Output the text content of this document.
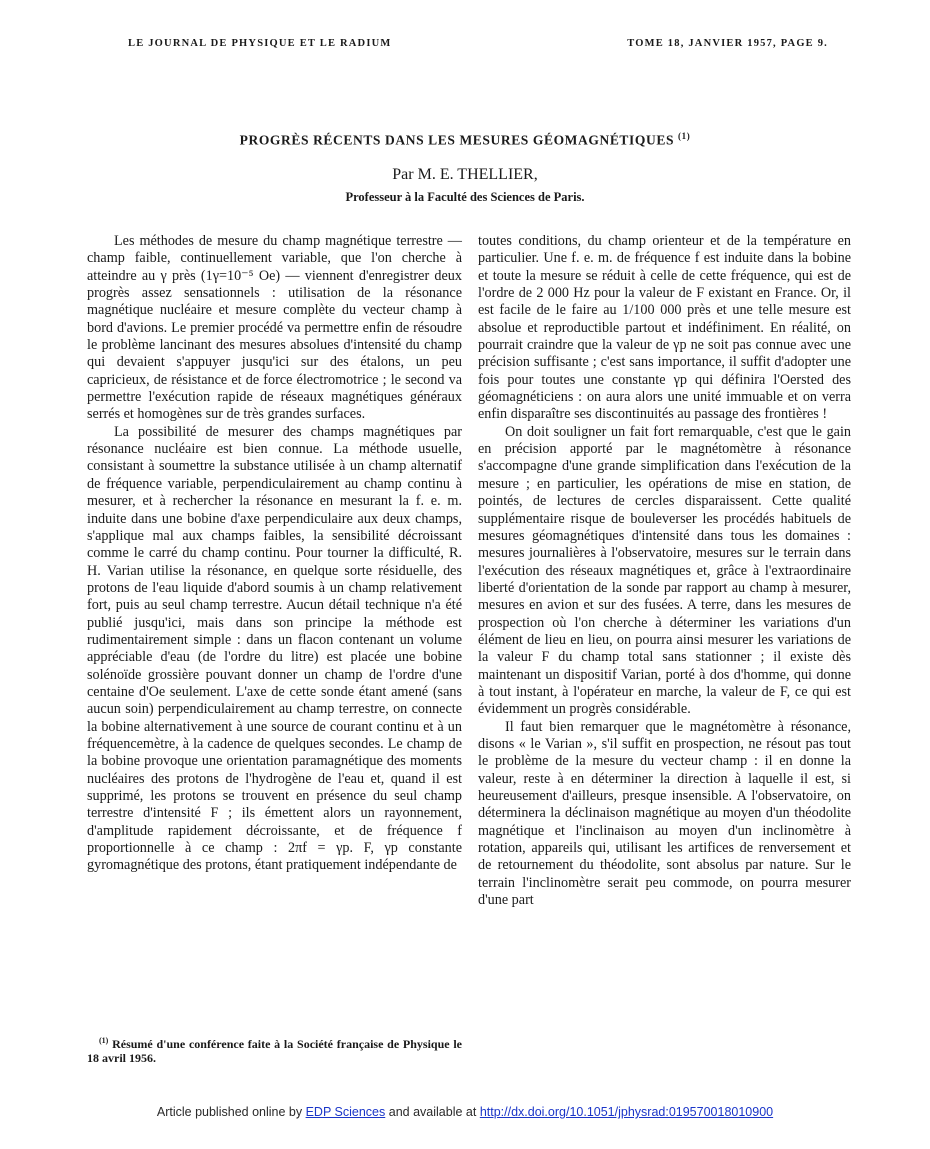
LE JOURNAL DE PHYSIQUE ET LE RADIUM	TOME 18, JANVIER 1957, PAGE 9.
PROGRÈS RÉCENTS DANS LES MESURES GÉOMAGNÉTIQUES $^{(1)}$
Par M. E. THELLIER,
Professeur à la Faculté des Sciences de Paris.

Les méthodes de mesure du champ magnétique terrestre — champ faible, continuellement variable, que l'on cherche à atteindre au γ près (1γ=10⁻⁵ Oe) — viennent d'enregistrer deux progrès assez sensationnels : utilisation de la résonance magnétique nucléaire et mesure complète du vecteur champ à bord d'avions. Le premier procédé va permettre enfin de résoudre le problème lancinant des mesures absolues d'intensité du champ qui devaient s'appuyer jusqu'ici sur des étalons, un peu capricieux, de résistance et de force électromotrice ; le second va permettre l'exécution rapide de réseaux magnétiques généraux serrés et homogènes sur de très grandes surfaces.

La possibilité de mesurer des champs magnétiques par résonance nucléaire est bien connue. La méthode usuelle, consistant à soumettre la substance utilisée à un champ alternatif de fréquence variable, perpendiculairement au champ continu à mesurer, et à rechercher la résonance en mesurant la f. e. m. induite dans une bobine d'axe perpendiculaire aux deux champs, s'applique mal aux champs faibles, la sensibilité décroissant comme le carré du champ continu. Pour tourner la difficulté, R. H. Varian utilise la résonance, en quelque sorte résiduelle, des protons de l'eau liquide d'abord soumis à un champ relativement fort, puis au seul champ terrestre. Aucun détail technique n'a été publié jusqu'ici, mais dans son principe la méthode est rudimentairement simple : dans un flacon contenant un volume appréciable d'eau (de l'ordre du litre) est placée une bobine solénoïde grossière pouvant donner un champ de l'ordre d'une centaine d'Oe seulement. L'axe de cette sonde étant amené (sans aucun soin) perpendiculairement au champ terrestre, on connecte la bobine alternativement à une source de courant continu et à un fréquencemètre, à la cadence de quelques secondes. Le champ de la bobine provoque une orientation paramagnétique des moments nucléaires des protons de l'hydrogène de l'eau et, quand il est supprimé, les protons se trouvent en présence du seul champ terrestre d'intensité F ; ils émettent alors un rayonnement, d'amplitude rapidement décroissante, et de fréquence f proportionnelle à ce champ : 2πf = γp. F, γp constante gyromagnétique des protons, étant pratiquement indépendante de

toutes conditions, du champ orienteur et de la température en particulier. Une f. e. m. de fréquence f est induite dans la bobine et toute la mesure se réduit à celle de cette fréquence, qui est de l'ordre de 2 000 Hz pour la valeur de F existant en France. Or, il est facile de le faire au 1/100 000 près et une telle mesure est absolue et reproductible partout et indéfiniment. En réalité, on pourrait craindre que la valeur de γp ne soit pas connue avec une précision suffisante ; c'est sans importance, il suffit d'adopter une fois pour toutes une constante γp qui définira l'Oersted des géomagnéticiens : on aura alors une unité immuable et on verra enfin disparaître ses discontinuités au passage des frontières !

On doit souligner un fait fort remarquable, c'est que le gain en précision apporté par le magnétomètre à résonance s'accompagne d'une grande simplification dans l'exécution de la mesure ; en particulier, les opérations de mise en station, de pointés, de lectures de cercles disparaissent. Cette qualité supplémentaire risque de bouleverser les procédés habituels de mesures géomagnétiques d'intensité dans tous les domaines : mesures journalières à l'observatoire, mesures sur le terrain dans l'exécution des réseaux magnétiques et, grâce à l'extraordinaire liberté d'orientation de la sonde par rapport au champ à mesurer, mesures en avion et sur des fusées. A terre, dans les mesures de prospection où l'on cherche à déterminer les variations d'un élément de lieu en lieu, on pourra ainsi mesurer les variations de la valeur F du champ total sans stationner ; il existe dès maintenant un dispositif Varian, porté à dos d'homme, qui donne à tout instant, à l'opérateur en marche, la valeur de F, ce qui est évidemment un progrès considérable.

Il faut bien remarquer que le magnétomètre à résonance, disons « le Varian », s'il suffit en prospection, ne résout pas tout le problème de la mesure du vecteur champ : il en donne la valeur, reste à en déterminer la direction à laquelle il est, si heureusement d'ailleurs, presque insensible. A l'observatoire, on déterminera la déclinaison magnétique au moyen d'un théodolite magnétique et l'inclinaison au moyen d'un inclinomètre à rotation, appareils qui, utilisant les artifices de renversement et de retournement du théodolite, sont absolus par nature. Sur le terrain l'inclinomètre serait peu commode, on pourra mesurer d'une part

$^{(1)}$ Résumé d'une conférence faite à la Société française de Physique le 18 avril 1956.
Article published online by EDP Sciences and available at http://dx.doi.org/10.1051/jphysrad:019570018010900
